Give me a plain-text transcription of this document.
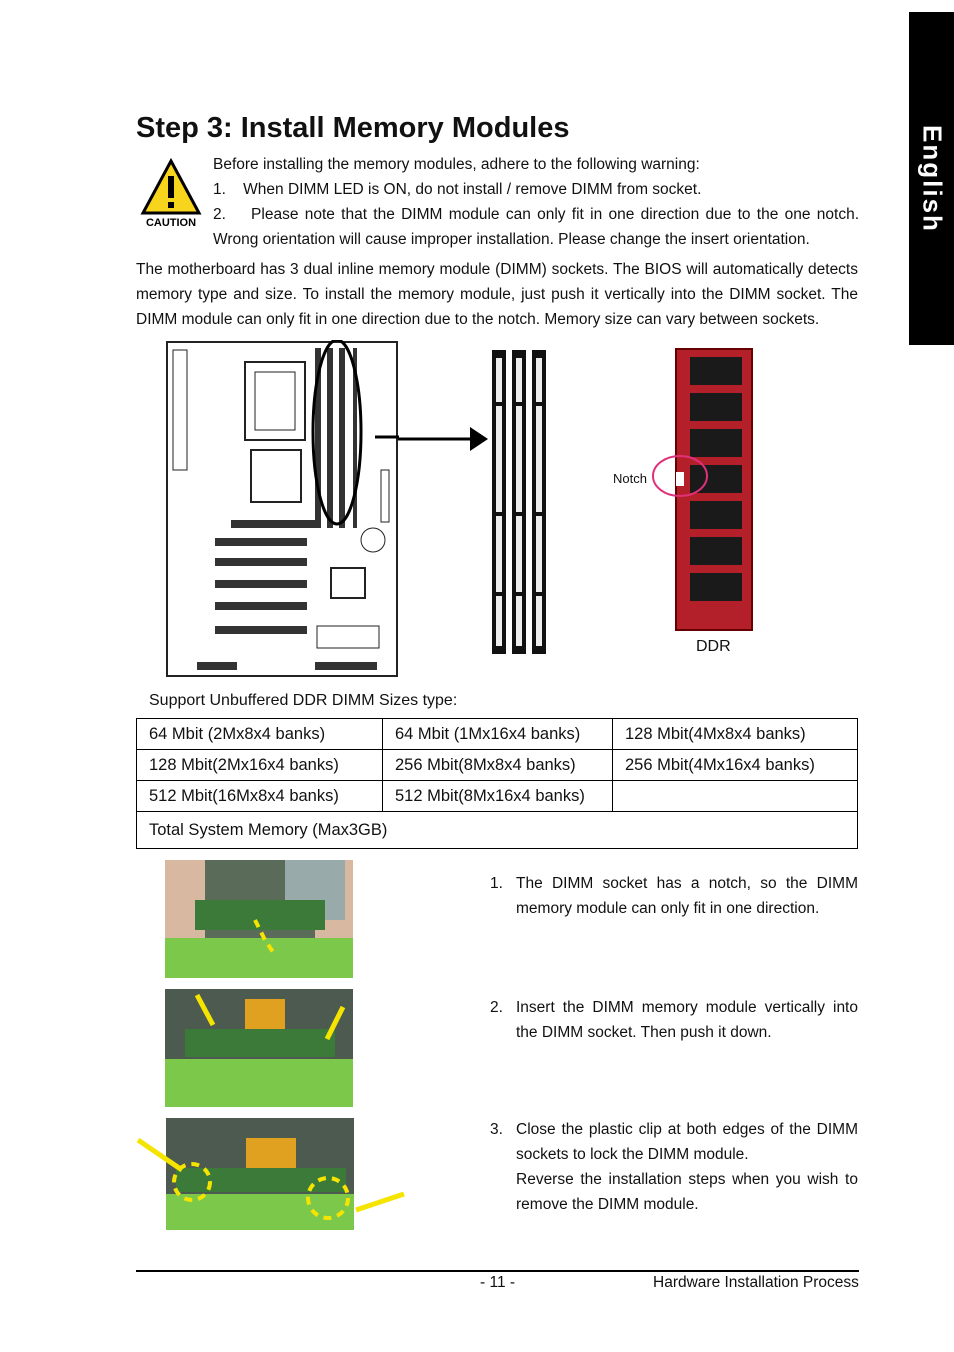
English
Step 3: Install Memory Modules
CAUTION
Before installing the memory modules, adhere to the following warning:
1. When DIMM LED is ON, do not install / remove DIMM from socket.
2. Please note that the DIMM module can only fit in one direction due to the one notch. Wrong orientation will cause improper installation. Please change the insert orientation.
The motherboard has 3 dual inline memory module (DIMM) sockets. The BIOS will automatically detects memory type and size. To install the memory module, just push it vertically into the DIMM socket. The DIMM module can only fit in one direction due to the notch. Memory size can vary between sockets.
Notch
DDR
Support Unbuffered DDR DIMM Sizes type:
64 Mbit (2Mx8x4 banks)	64 Mbit (1Mx16x4 banks)	128 Mbit(4Mx8x4 banks)
128 Mbit(2Mx16x4 banks)	256 Mbit(8Mx8x4 banks)	256 Mbit(4Mx16x4 banks)
512 Mbit(16Mx8x4 banks)	512 Mbit(8Mx16x4 banks)	
Total System Memory (Max3GB)		
1. The DIMM socket has a notch, so the DIMM memory module can only fit in one direction.
2. Insert the DIMM memory module vertically into the DIMM socket. Then push it down.
3. Close the plastic clip at both edges of the DIMM sockets to lock the DIMM module.
Reverse the installation steps when you wish to remove the DIMM module.
- 11 -	Hardware Installation Process
